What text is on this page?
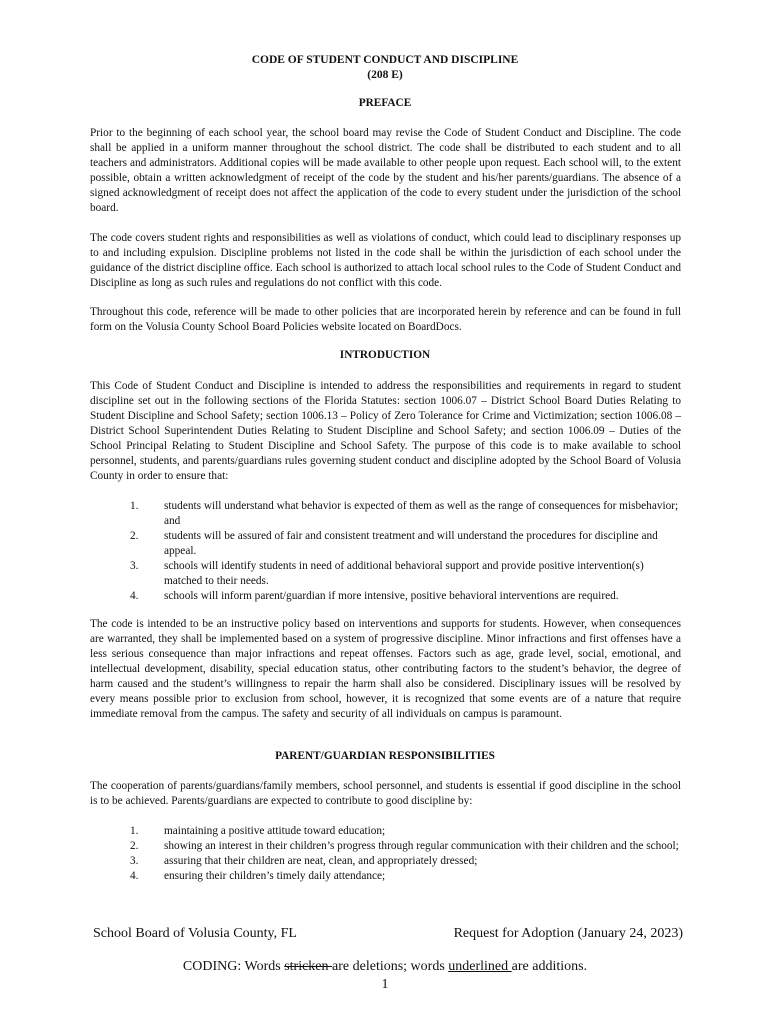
CODE OF STUDENT CONDUCT AND DISCIPLINE
(208 E)
PREFACE

Prior to the beginning of each school year, the school board may revise the Code of Student Conduct and Discipline. The code shall be applied in a uniform manner throughout the school district. The code shall be distributed to each student and to all teachers and administrators. Additional copies will be made available to other people upon request. Each school will, to the extent possible, obtain a written acknowledgment of receipt of the code by the student and his/her parents/guardians. The absence of a signed acknowledgment of receipt does not affect the application of the code to every student under the jurisdiction of the school board.

The code covers student rights and responsibilities as well as violations of conduct, which could lead to disciplinary responses up to and including expulsion. Discipline problems not listed in the code shall be within the jurisdiction of each school under the guidance of the district discipline office. Each school is authorized to attach local school rules to the Code of Student Conduct and Discipline as long as such rules and regulations do not conflict with this code.

Throughout this code, reference will be made to other policies that are incorporated herein by reference and can be found in full form on the Volusia County School Board Policies website located on BoardDocs.

INTRODUCTION

This Code of Student Conduct and Discipline is intended to address the responsibilities and requirements in regard to student discipline set out in the following sections of the Florida Statutes: section 1006.07 – District School Board Duties Relating to Student Discipline and School Safety; section 1006.13 – Policy of Zero Tolerance for Crime and Victimization; section 1006.08 – District School Superintendent Duties Relating to Student Discipline and School Safety; and section 1006.09 – Duties of the School Principal Relating to Student Discipline and School Safety. The purpose of this code is to make available to school personnel, students, and parents/guardians rules governing student conduct and discipline adopted by the School Board of Volusia County in order to ensure that:

1.	students will understand what behavior is expected of them as well as the range of consequences for misbehavior; and
2.	students will be assured of fair and consistent treatment and will understand the procedures for discipline and appeal.
3.	schools will identify students in need of additional behavioral support and provide positive intervention(s) matched to their needs.
4.	schools will inform parent/guardian if more intensive, positive behavioral interventions are required.

The code is intended to be an instructive policy based on interventions and supports for students. However, when consequences are warranted, they shall be implemented based on a system of progressive discipline. Minor infractions and first offenses have a less serious consequence than major infractions and repeat offenses. Factors such as age, grade level, social, emotional, and intellectual development, disability, special education status, other contributing factors to the student’s behavior, the degree of harm caused and the student’s willingness to repair the harm shall also be considered. Disciplinary issues will be resolved by every means possible prior to exclusion from school, however, it is recognized that some events are of a nature that require immediate removal from the campus. The safety and security of all individuals on campus is paramount.

PARENT/GUARDIAN RESPONSIBILITIES

The cooperation of parents/guardians/family members, school personnel, and students is essential if good discipline in the school is to be achieved. Parents/guardians are expected to contribute to good discipline by:

1.	maintaining a positive attitude toward education;
2.	showing an interest in their children’s progress through regular communication with their children and the school;
3.	assuring that their children are neat, clean, and appropriately dressed;
4.	ensuring their children’s timely daily attendance;
School Board of Volusia County, FL	Request for Adoption (January 24, 2023)
CODING: Words stricken are deletions; words underlined are additions.
1
